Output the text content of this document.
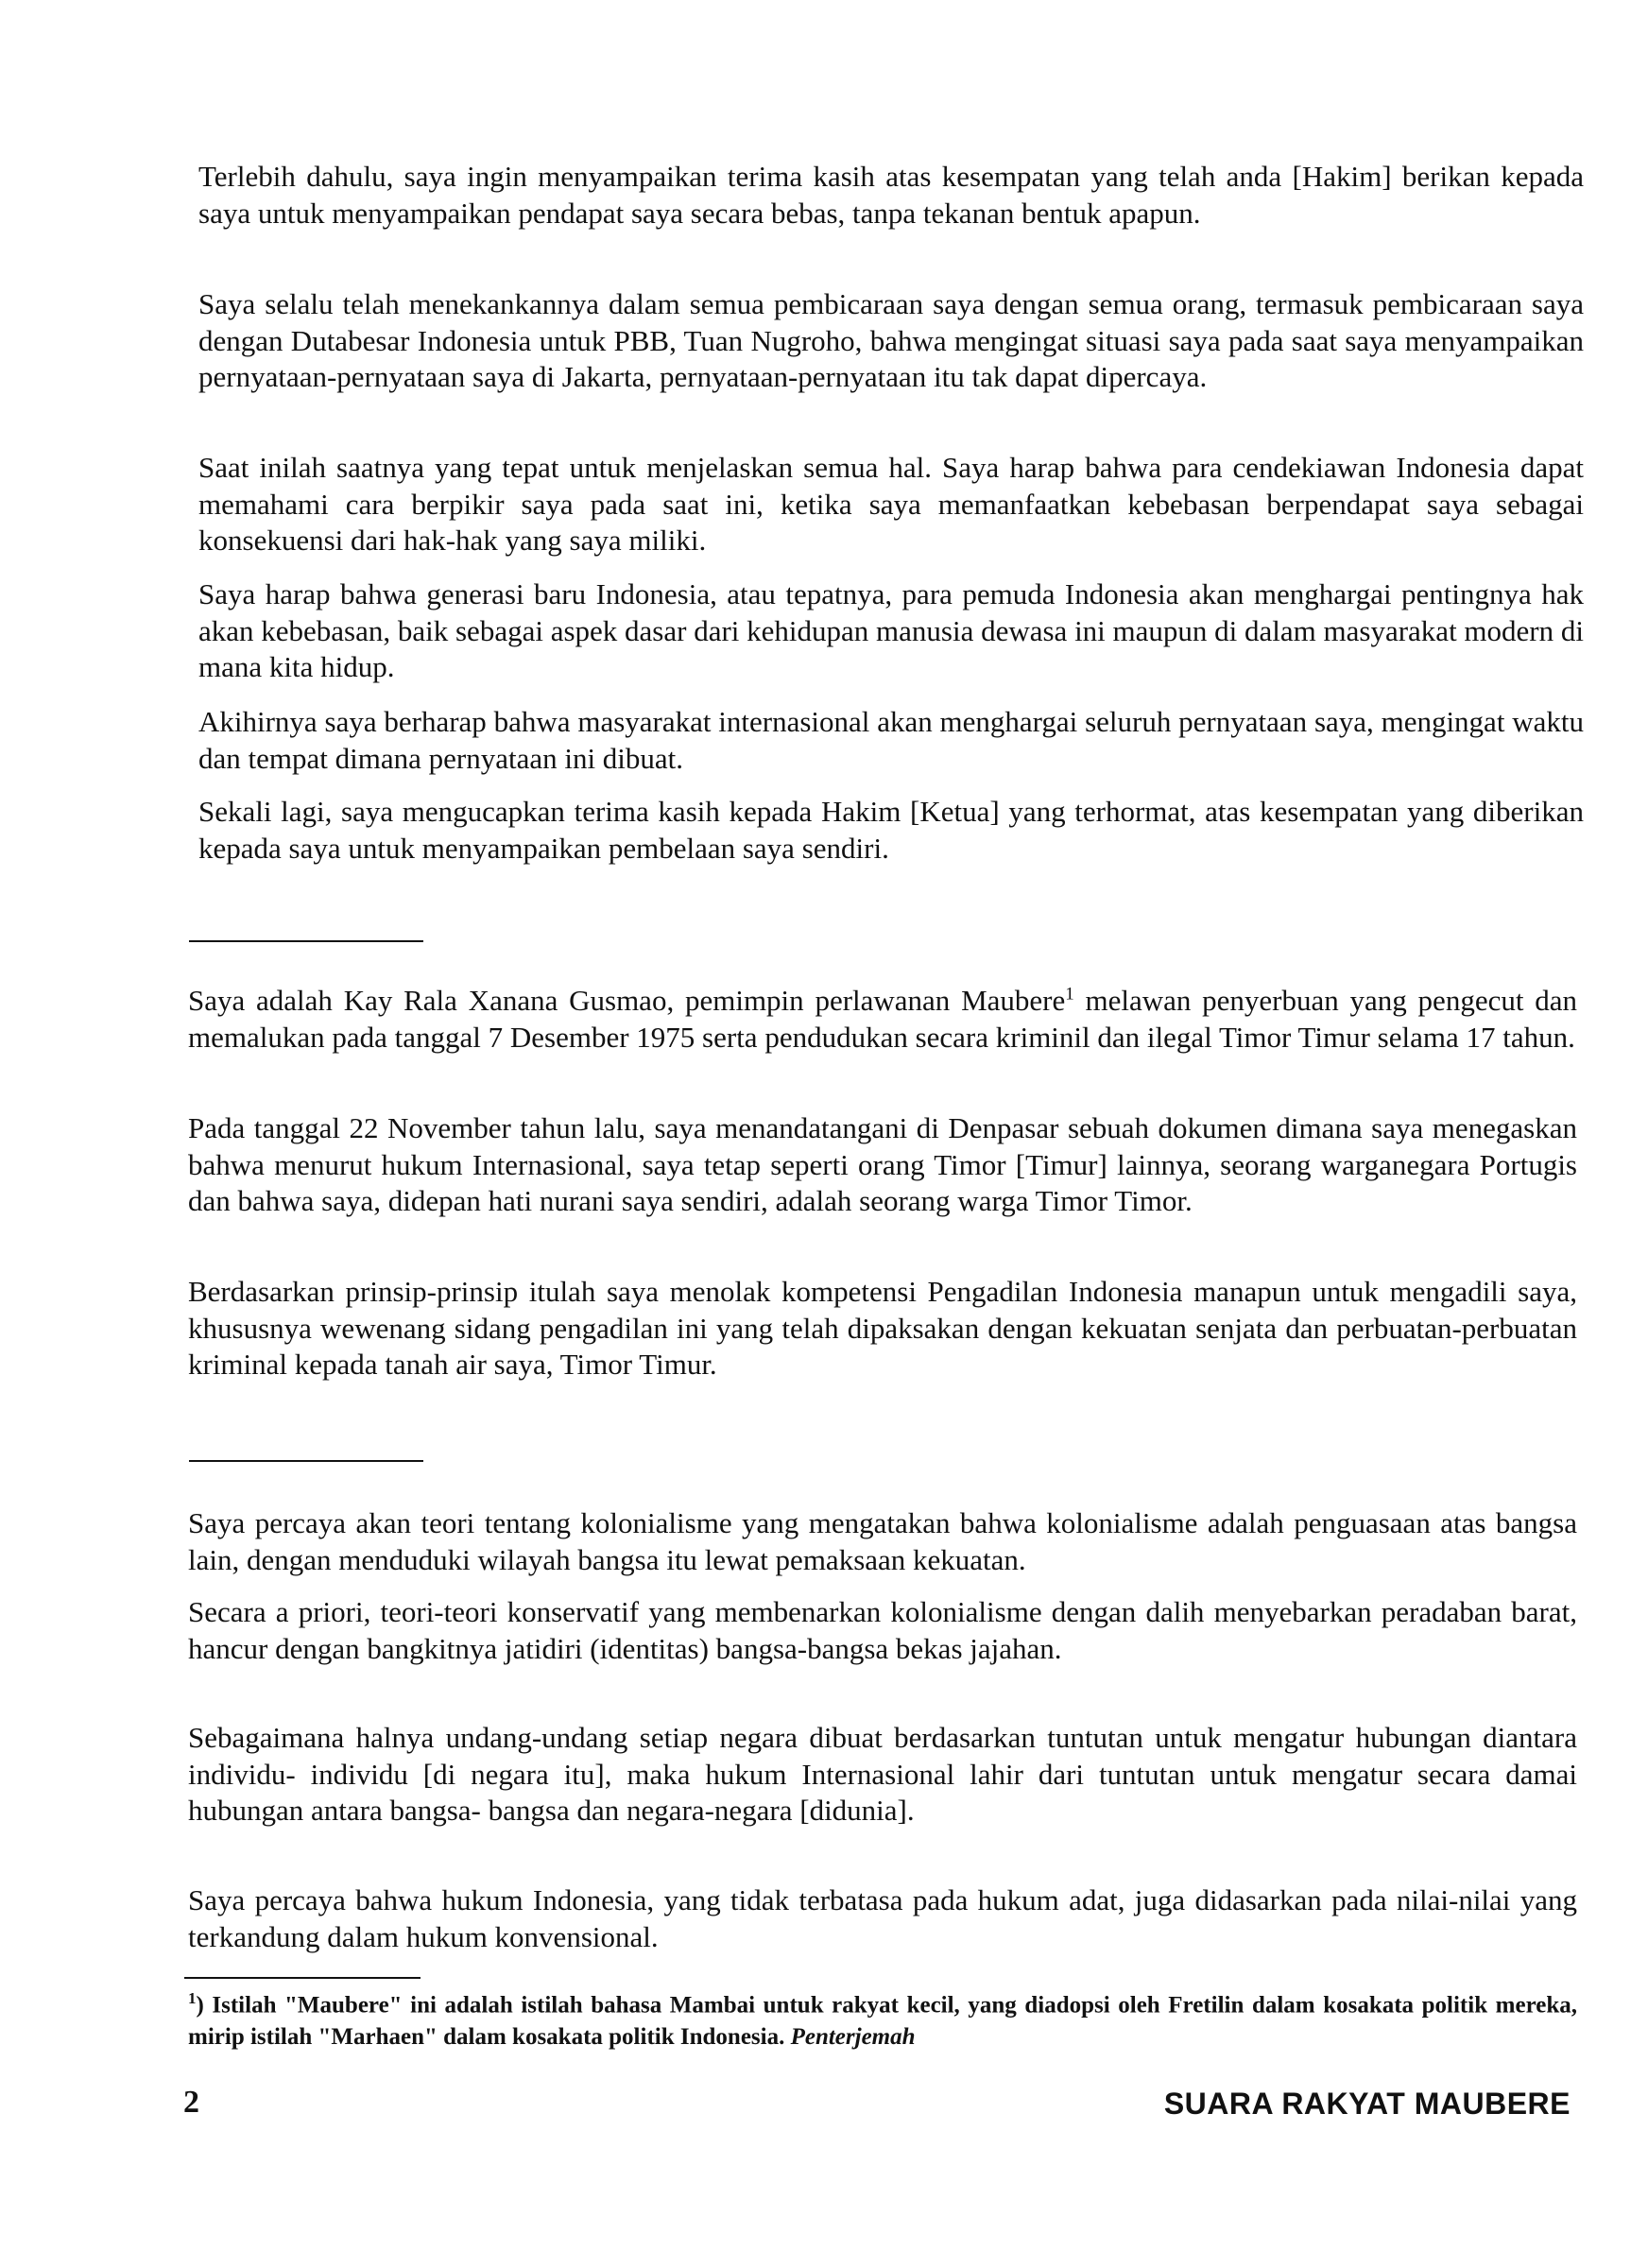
Terlebih dahulu, saya ingin menyampaikan terima kasih atas kesempatan yang telah anda [Hakim] berikan kepada saya untuk menyampaikan pendapat saya secara bebas, tanpa tekanan bentuk apapun.

Saya selalu telah menekankannya dalam semua pembicaraan saya dengan semua orang, termasuk pembicaraan saya dengan Dutabesar Indonesia untuk PBB, Tuan Nugroho, bahwa mengingat situasi saya pada saat saya menyampaikan pernyataan-pernyataan saya di Jakarta, pernyataan-pernyataan itu tak dapat dipercaya.

Saat inilah saatnya yang tepat untuk menjelaskan semua hal. Saya harap bahwa para cendekiawan Indonesia dapat memahami cara berpikir saya pada saat ini, ketika saya memanfaatkan kebebasan berpendapat saya sebagai konsekuensi dari hak-hak yang saya miliki.

Saya harap bahwa generasi baru Indonesia, atau tepatnya, para pemuda Indonesia akan menghargai pentingnya hak akan kebebasan, baik sebagai aspek dasar dari kehidupan manusia dewasa ini maupun di dalam masyarakat modern di mana kita hidup.

Akihirnya saya berharap bahwa masyarakat internasional akan menghargai seluruh pernyataan saya, mengingat waktu dan tempat dimana pernyataan ini dibuat.

Sekali lagi, saya mengucapkan terima kasih kepada Hakim [Ketua] yang terhormat, atas kesempatan yang diberikan kepada saya untuk menyampaikan pembelaan saya sendiri.

Saya adalah Kay Rala Xanana Gusmao, pemimpin perlawanan Maubere$^1$ melawan penyerbuan yang pengecut dan memalukan pada tanggal 7 Desember 1975 serta pendudukan secara kriminil dan ilegal Timor Timur selama 17 tahun.

Pada tanggal 22 November tahun lalu, saya menandatangani di Denpasar sebuah dokumen dimana saya menegaskan bahwa menurut hukum Internasional, saya tetap seperti orang Timor [Timur] lainnya, seorang warganegara Portugis dan bahwa saya, didepan hati nurani saya sendiri, adalah seorang warga Timor Timor.

Berdasarkan prinsip-prinsip itulah saya menolak kompetensi Pengadilan Indonesia manapun untuk mengadili saya, khususnya wewenang sidang pengadilan ini yang telah dipaksakan dengan kekuatan senjata dan perbuatan-perbuatan kriminal kepada tanah air saya, Timor Timur.

Saya percaya akan teori tentang kolonialisme yang mengatakan bahwa kolonialisme adalah penguasaan atas bangsa lain, dengan menduduki wilayah bangsa itu lewat pemaksaan kekuatan.

Secara a priori, teori-teori konservatif yang membenarkan kolonialisme dengan dalih menyebarkan peradaban barat, hancur dengan bangkitnya jatidiri (identitas) bangsa-bangsa bekas jajahan.

Sebagaimana halnya undang-undang setiap negara dibuat berdasarkan tuntutan untuk mengatur hubungan diantara individu- individu [di negara itu], maka hukum Internasional lahir dari tuntutan untuk mengatur secara damai hubungan antara bangsa- bangsa dan negara-negara [didunia].

Saya percaya bahwa hukum Indonesia, yang tidak terbatasa pada hukum adat, juga didasarkan pada nilai-nilai yang terkandung dalam hukum konvensional.

$^1$) Istilah "Maubere" ini adalah istilah bahasa Mambai untuk rakyat kecil, yang diadopsi oleh Fretilin dalam kosakata politik mereka, mirip istilah "Marhaen" dalam kosakata politik Indonesia. Penterjemah
2	SUARA RAKYAT MAUBERE
